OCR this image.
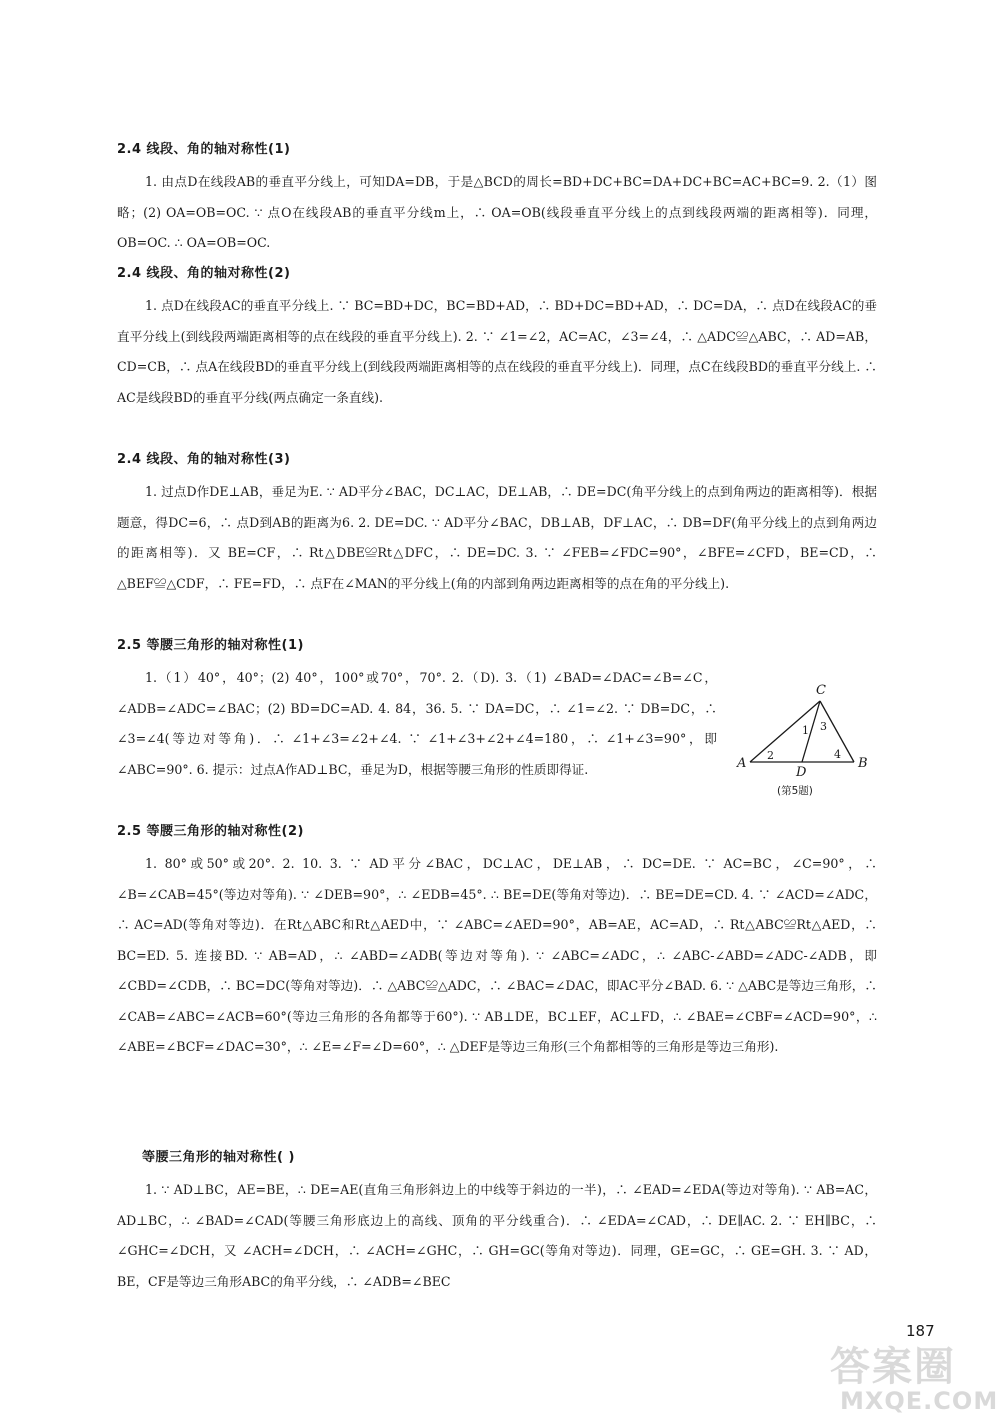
2.4 线段、角的轴对称性(1)

1. 由点D在线段AB的垂直平分线上，可知DA=DB，于是△BCD的周长=BD+DC+BC=DA+DC+BC=AC+BC=9. 2.（1）图略；(2) OA=OB=OC. ∵ 点O在线段AB的垂直平分线m上，∴ OA=OB(线段垂直平分线上的点到线段两端的距离相等)．同理，OB=OC. ∴ OA=OB=OC.

2.4 线段、角的轴对称性(2)

1. 点D在线段AC的垂直平分线上. ∵ BC=BD+DC，BC=BD+AD，∴ BD+DC=BD+AD，∴ DC=DA，∴ 点D在线段AC的垂直平分线上(到线段两端距离相等的点在线段的垂直平分线上). 2. ∵ ∠1=∠2，AC=AC，∠3=∠4，∴ △ADC≌△ABC，∴ AD=AB，CD=CB，∴ 点A在线段BD的垂直平分线上(到线段两端距离相等的点在线段的垂直平分线上)．同理，点C在线段BD的垂直平分线上. ∴ AC是线段BD的垂直平分线(两点确定一条直线).

2.4 线段、角的轴对称性(3)

1. 过点D作DE⊥AB，垂足为E. ∵ AD平分∠BAC，DC⊥AC，DE⊥AB，∴ DE=DC(角平分线上的点到角两边的距离相等)．根据题意，得DC=6，∴ 点D到AB的距离为6. 2. DE=DC. ∵ AD平分∠BAC，DB⊥AB，DF⊥AC，∴ DB=DF(角平分线上的点到角两边的距离相等)．又 BE=CF，∴ Rt△DBE≌Rt△DFC，∴ DE=DC. 3. ∵ ∠FEB=∠FDC=90°，∠BFE=∠CFD，BE=CD，∴ △BEF≌△CDF，∴ FE=FD，∴ 点F在∠MAN的平分线上(角的内部到角两边距离相等的点在角的平分线上).

2.5 等腰三角形的轴对称性(1)

1.（1）40°，40°；(2) 40°，100°或70°，70°. 2.（D). 3.（1) ∠BAD=∠DAC=∠B=∠C，∠ADB=∠ADC=∠BAC；(2) BD=DC=AD. 4. 84，36. 5. ∵ DA=DC，∴ ∠1=∠2. ∵ DB=DC，∴ ∠3=∠4(等边对等角)．∴ ∠1+∠3=∠2+∠4. ∵ ∠1+∠3+∠2+∠4=180，∴ ∠1+∠3=90°，即∠ABC=90°. 6. 提示：过点A作AD⊥BC，垂足为D，根据等腰三角形的性质即得证.

C
A	B
D
1
2
3
4
(第5题)
2.5 等腰三角形的轴对称性(2)

1. 80°或50°或20°. 2. 10. 3. ∵ AD平分∠BAC，DC⊥AC，DE⊥AB，∴ DC=DE. ∵ AC=BC，∠C=90°，∴ ∠B=∠CAB=45°(等边对等角). ∵ ∠DEB=90°，∴ ∠EDB=45°. ∴ BE=DE(等角对等边)．∴ BE=DE=CD. 4. ∵ ∠ACD=∠ADC，∴ AC=AD(等角对等边)．在Rt△ABC和Rt△AED中，∵ ∠ABC=∠AED=90°，AB=AE，AC=AD，∴ Rt△ABC≌Rt△AED，∴ BC=ED. 5. 连接BD. ∵ AB=AD，∴ ∠ABD=∠ADB(等边对等角). ∵ ∠ABC=∠ADC，∴ ∠ABC-∠ABD=∠ADC-∠ADB，即∠CBD=∠CDB，∴ BC=DC(等角对等边)．∴ △ABC≌△ADC，∴ ∠BAC=∠DAC，即AC平分∠BAD. 6. ∵ △ABC是等边三角形，∴ ∠CAB=∠ABC=∠ACB=60°(等边三角形的各角都等于60°). ∵ AB⊥DE，BC⊥EF，AC⊥FD，∴ ∠BAE=∠CBF=∠ACD=90°，∴ ∠ABE=∠BCF=∠DAC=30°，∴ ∠E=∠F=∠D=60°，∴ △DEF是等边三角形(三个角都相等的三角形是等边三角形).

等腰三角形的轴对称性( )

1. ∵ AD⊥BC，AE=BE，∴ DE=AE(直角三角形斜边上的中线等于斜边的一半)，∴ ∠EAD=∠EDA(等边对等角). ∵ AB=AC，AD⊥BC，∴ ∠BAD=∠CAD(等腰三角形底边上的高线、顶角的平分线重合)．∴ ∠EDA=∠CAD，∴ DE∥AC. 2. ∵ EH∥BC，∴ ∠GHC=∠DCH，又 ∠ACH=∠DCH，∴ ∠ACH=∠GHC，∴ GH=GC(等角对等边)．同理，GE=GC，∴ GE=GH. 3. ∵ AD，BE，CF是等边三角形ABC的角平分线，∴ ∠ADB=∠BEC

187
答案圈
MXQE.COM
